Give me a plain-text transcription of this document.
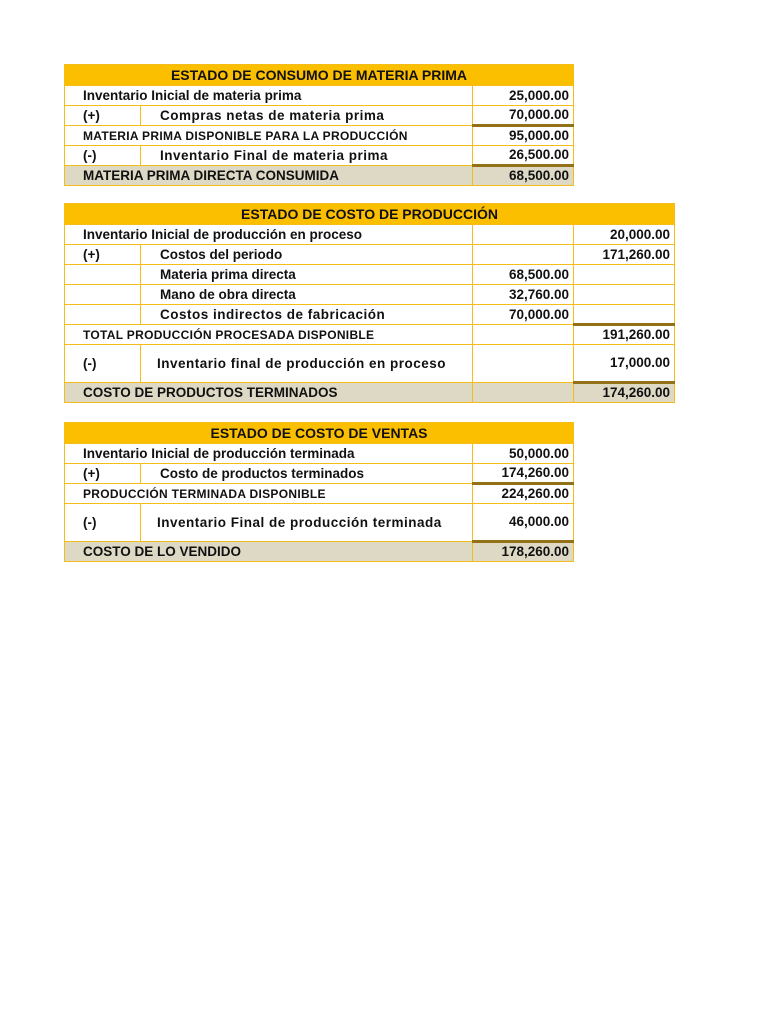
ESTADO DE CONSUMO DE MATERIA PRIMA		
Inventario Inicial de materia prima		25,000.00
(+)	Compras netas de materia prima	70,000.00
MATERIA PRIMA DISPONIBLE PARA LA PRODUCCIÓN		95,000.00
(-)	Inventario Final de materia prima	26,500.00
MATERIA PRIMA DIRECTA CONSUMIDA		68,500.00
ESTADO DE COSTO DE PRODUCCIÓN			
Inventario Inicial de producción en proceso			20,000.00
(+)	Costos del periodo		171,260.00
	Materia prima directa	68,500.00	
	Mano de obra directa	32,760.00	
	Costos indirectos de fabricación	70,000.00	
TOTAL PRODUCCIÓN PROCESADA DISPONIBLE			191,260.00
(-)	Inventario final de producción en proceso		17,000.00
COSTO DE PRODUCTOS TERMINADOS			174,260.00
ESTADO DE COSTO DE VENTAS		
Inventario Inicial de producción terminada		50,000.00
(+)	Costo de productos terminados	174,260.00
PRODUCCIÓN TERMINADA DISPONIBLE		224,260.00
(-)	Inventario Final de producción terminada	46,000.00
COSTO DE LO VENDIDO		178,260.00
